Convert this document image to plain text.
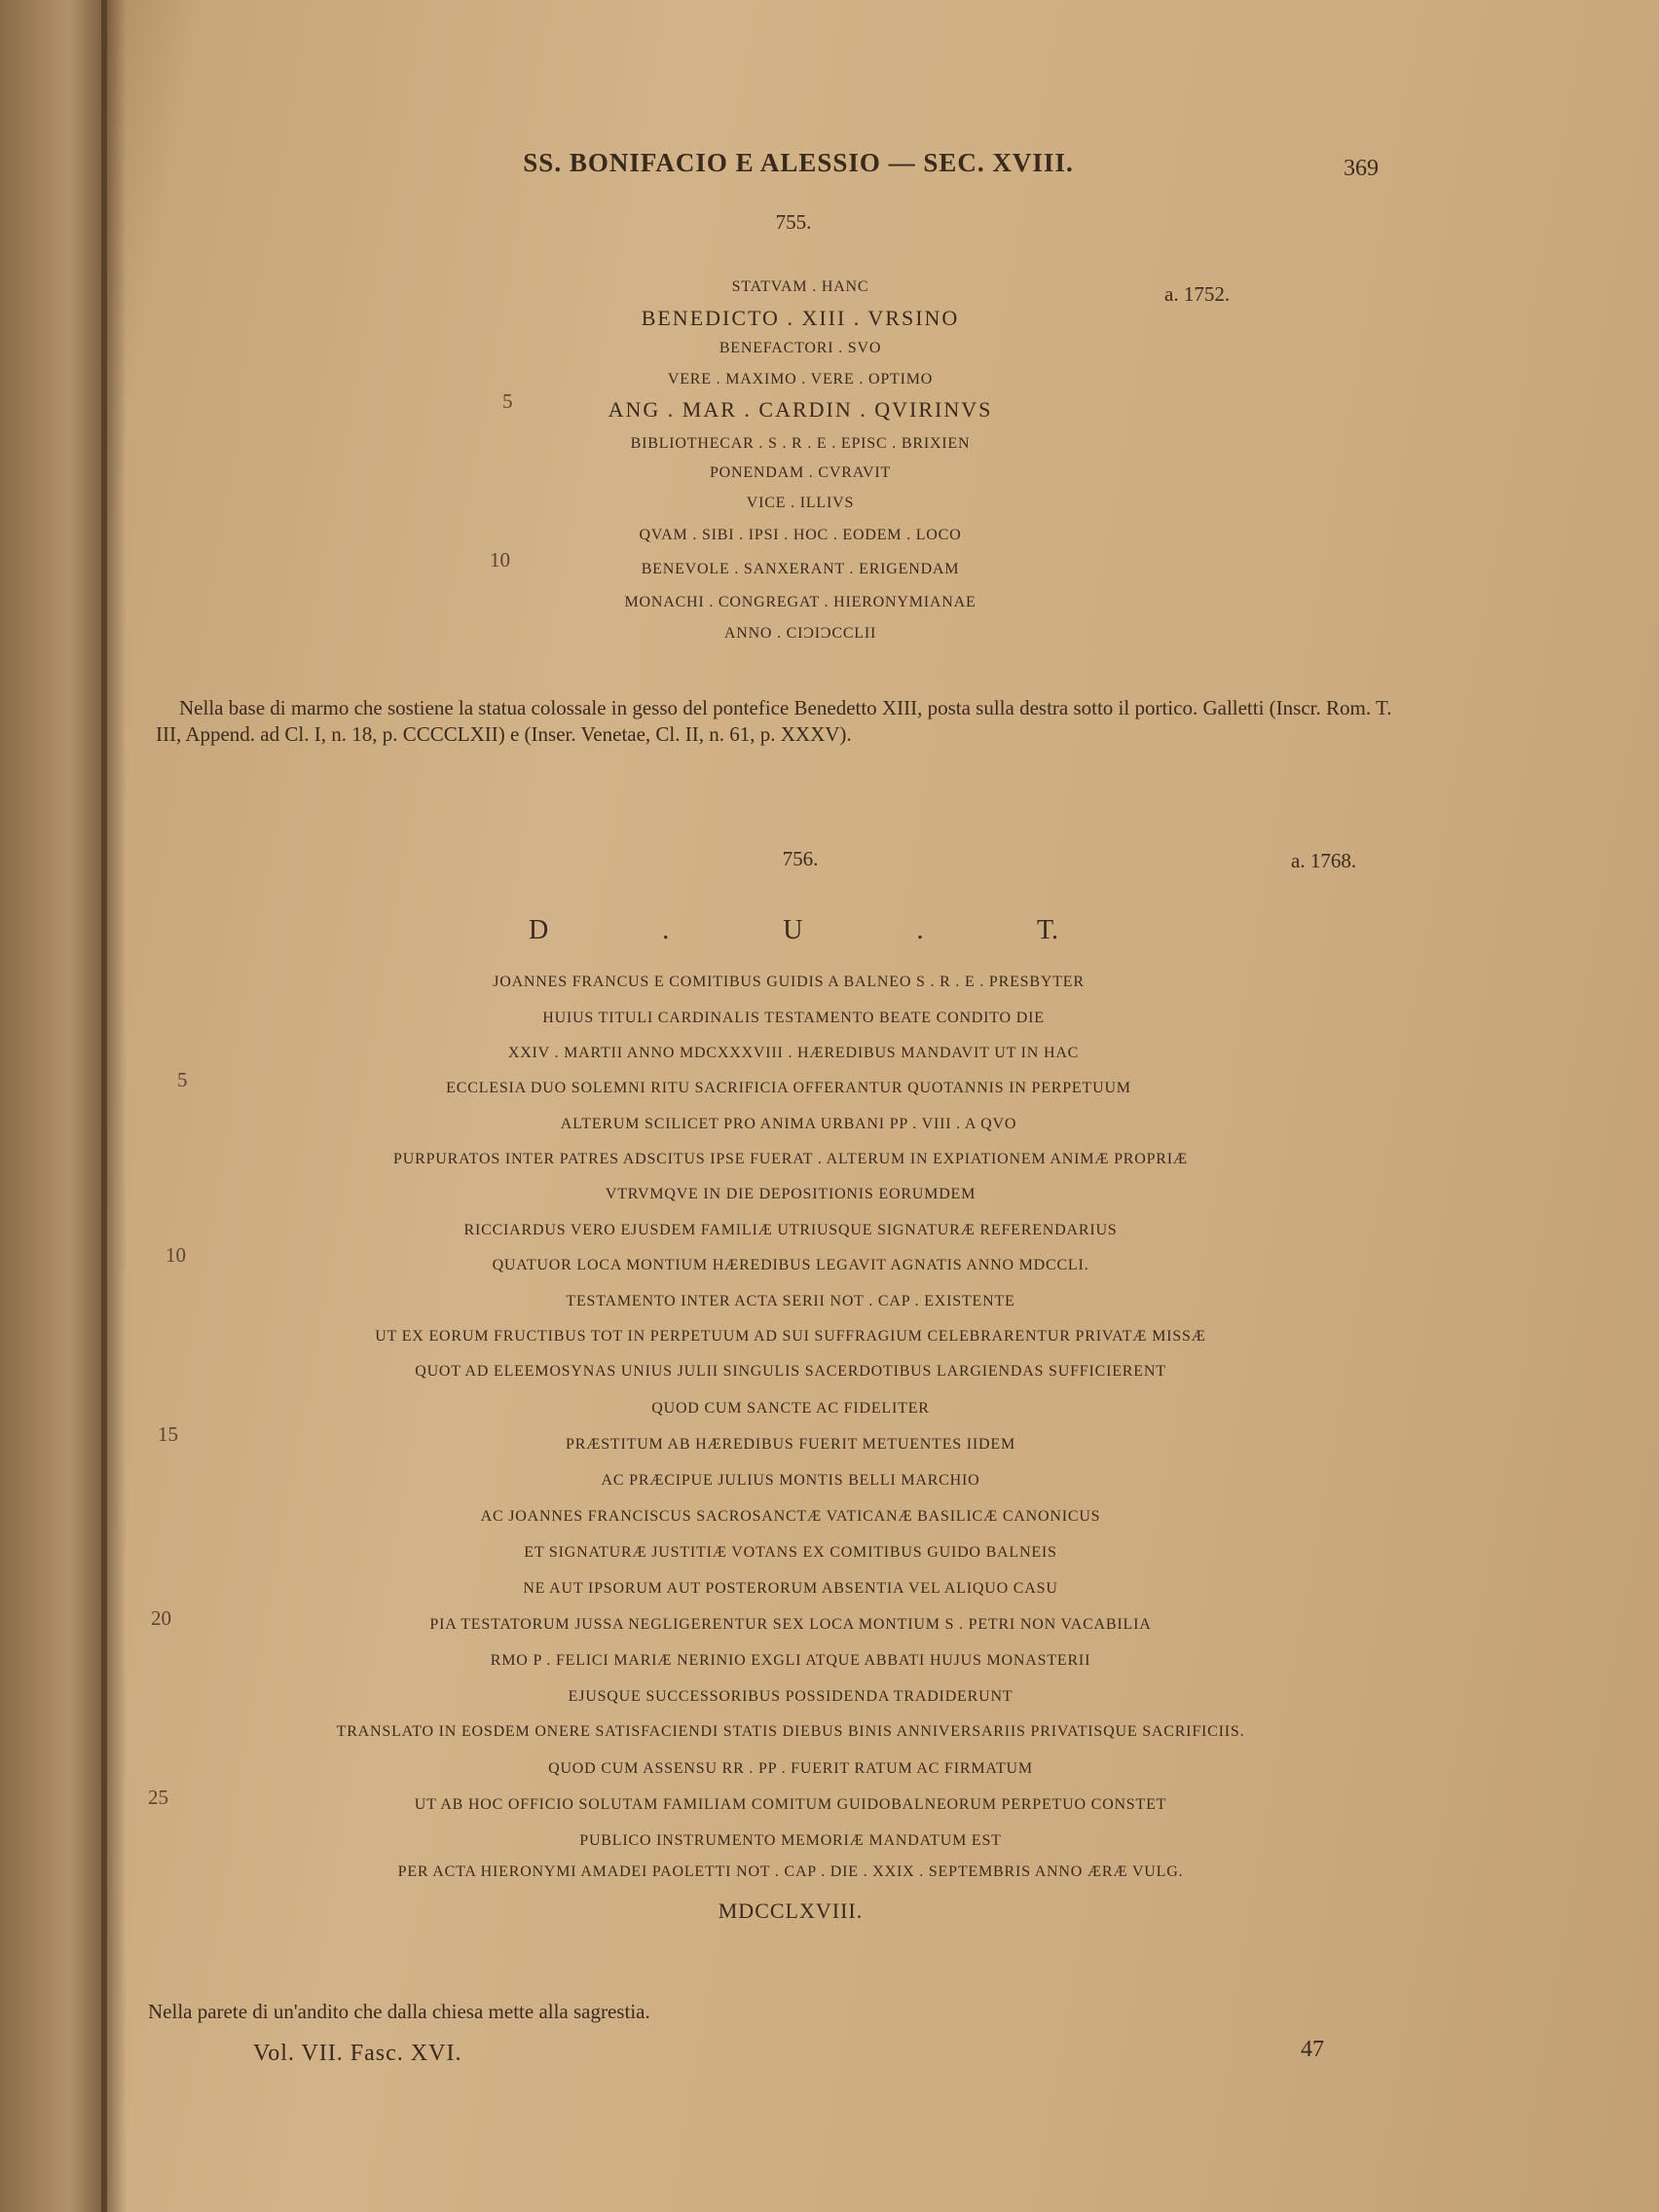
SS. BONIFACIO E ALESSIO — SEC. XVIII.	369
755.
a. 1752.
STATVAM . HANC
BENEDICTO . XIII . VRSINO
BENEFACTORI . SVO
VERE . MAXIMO . VERE . OPTIMO
ANG . MAR . CARDIN . QVIRINVS
BIBLIOTHECAR . S . R . E . EPISC . BRIXIEN
PONENDAM . CVRAVIT
VICE . ILLIVS
QVAM . SIBI . IPSI . HOC . EODEM . LOCO
BENEVOLE . SANXERANT . ERIGENDAM
MONACHI . CONGREGAT . HIERONYMIANAE
ANNO . CIƆIƆCCLII
5
10
Nella base di marmo che sostiene la statua colossale in gesso del pontefice Benedetto XIII, posta sulla destra sotto il portico. Galletti (Inscr. Rom. T. III, Append. ad Cl. I, n. 18, p. CCCCLXII) e (Inser. Venetae, Cl. II, n. 61, p. XXXV).
756.	a. 1768.
D . U . T.
JOANNES FRANCUS E COMITIBUS GUIDIS A BALNEO S . R . E . PRESBYTER
HUIUS TITULI CARDINALIS TESTAMENTO BEATE CONDITO DIE
XXIV . MARTII ANNO MDCXXXVIII . HÆREDIBUS MANDAVIT UT IN HAC
ECCLESIA DUO SOLEMNI RITU SACRIFICIA OFFERANTUR QUOTANNIS IN PERPETUUM
ALTERUM SCILICET PRO ANIMA URBANI PP . VIII . A QVO
PURPURATOS INTER PATRES ADSCITUS IPSE FUERAT . ALTERUM IN EXPIATIONEM ANIMÆ PROPRIÆ
VTRVMQVE IN DIE DEPOSITIONIS EORUMDEM
RICCIARDUS VERO EJUSDEM FAMILIÆ UTRIUSQUE SIGNATURÆ REFERENDARIUS
QUATUOR LOCA MONTIUM HÆREDIBUS LEGAVIT AGNATIS ANNO MDCCLI.
TESTAMENTO INTER ACTA SERII NOT . CAP . EXISTENTE
UT EX EORUM FRUCTIBUS TOT IN PERPETUUM AD SUI SUFFRAGIUM CELEBRARENTUR PRIVATÆ MISSÆ
QUOT AD ELEEMOSYNAS UNIUS JULII SINGULIS SACERDOTIBUS LARGIENDAS SUFFICIERENT
QUOD CUM SANCTE AC FIDELITER
PRÆSTITUM AB HÆREDIBUS FUERIT METUENTES IIDEM
AC PRÆCIPUE JULIUS MONTIS BELLI MARCHIO
AC JOANNES FRANCISCUS SACROSANCTÆ VATICANÆ BASILICÆ CANONICUS
ET SIGNATURÆ JUSTITIÆ VOTANS EX COMITIBUS GUIDO BALNEIS
NE AUT IPSORUM AUT POSTERORUM ABSENTIA VEL ALIQUO CASU
PIA TESTATORUM JUSSA NEGLIGERENTUR SEX LOCA MONTIUM S . PETRI NON VACABILIA
RMO P . FELICI MARIÆ NERINIO EXGLI ATQUE ABBATI HUJUS MONASTERII
EJUSQUE SUCCESSORIBUS POSSIDENDA TRADIDERUNT
TRANSLATO IN EOSDEM ONERE SATISFACIENDI STATIS DIEBUS BINIS ANNIVERSARIIS PRIVATISQUE SACRIFICIIS.
QUOD CUM ASSENSU RR . PP . FUERIT RATUM AC FIRMATUM
UT AB HOC OFFICIO SOLUTAM FAMILIAM COMITUM GUIDOBALNEORUM PERPETUO CONSTET
PUBLICO INSTRUMENTO MEMORIÆ MANDATUM EST
PER ACTA HIERONYMI AMADEI PAOLETTI NOT . CAP . DIE . XXIX . SEPTEMBRIS ANNO ÆRÆ VULG.
MDCCLXVIII.
5
10
15
20
25
Nella parete di un'andito che dalla chiesa mette alla sagrestia.
Vol. VII. Fasc. XVI.	47
